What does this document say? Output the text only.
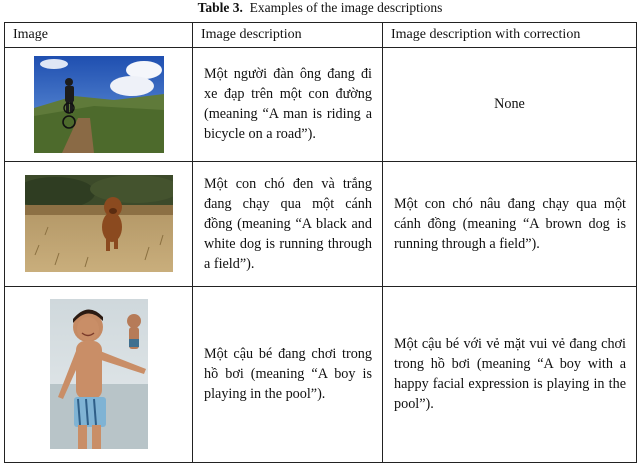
Table 3. Examples of the image descriptions
Image	Image description	Image description with correction

	Một người đàn ông đang đi xe đạp trên một con đường (meaning “A man is riding a bicycle on a road”).	None

	Một con chó đen và trắng đang chạy qua một cánh đồng (meaning “A black and white dog is running through a field”).	Một con chó nâu đang chạy qua một cánh đồng (meaning “A brown dog is running through a field”).

	Một cậu bé đang chơi trong hồ bơi (meaning “A boy is playing in the pool”).	Một cậu bé với vẻ mặt vui vẻ đang chơi trong hồ bơi (meaning “A boy with a happy facial expression is playing in the pool”).
